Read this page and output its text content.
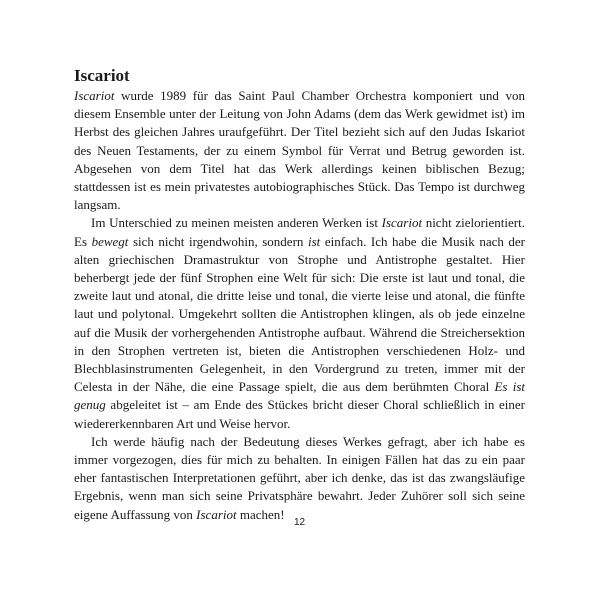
Iscariot

Iscariot wurde 1989 für das Saint Paul Chamber Orchestra komponiert und von diesem Ensemble unter der Leitung von John Adams (dem das Werk gewidmet ist) im Herbst des gleichen Jahres uraufgeführt. Der Titel bezieht sich auf den Judas Iskariot des Neuen Testaments, der zu einem Symbol für Verrat und Betrug geworden ist. Abgesehen von dem Titel hat das Werk allerdings keinen biblischen Bezug; stattdessen ist es mein privatestes autobiographisches Stück. Das Tempo ist durchweg langsam.

Im Unterschied zu meinen meisten anderen Werken ist Iscariot nicht zielorientiert. Es bewegt sich nicht irgendwohin, sondern ist einfach. Ich habe die Musik nach der alten griechischen Dramastruktur von Strophe und Antistrophe gestaltet. Hier beherbergt jede der fünf Strophen eine Welt für sich: Die erste ist laut und tonal, die zweite laut und atonal, die dritte leise und tonal, die vierte leise und atonal, die fünfte laut und polytonal. Umgekehrt sollten die Antistrophen klingen, als ob jede einzelne auf die Musik der vorhergehenden Antistrophe aufbaut. Während die Streichersektion in den Strophen vertreten ist, bieten die Antistrophen verschiedenen Holz- und Blechblasinstrumenten Gelegenheit, in den Vordergrund zu treten, immer mit der Celesta in der Nähe, die eine Passage spielt, die aus dem berühmten Choral Es ist genug abgeleitet ist – am Ende des Stückes bricht dieser Choral schließlich in einer wiedererkennbaren Art und Weise hervor.

Ich werde häufig nach der Bedeutung dieses Werkes gefragt, aber ich habe es immer vorgezogen, dies für mich zu behalten. In einigen Fällen hat das zu ein paar eher fantastischen Interpretationen geführt, aber ich denke, das ist das zwangsläufige Ergebnis, wenn man sich seine Privatsphäre bewahrt. Jeder Zuhörer soll sich seine eigene Auffassung von Iscariot machen!

12
